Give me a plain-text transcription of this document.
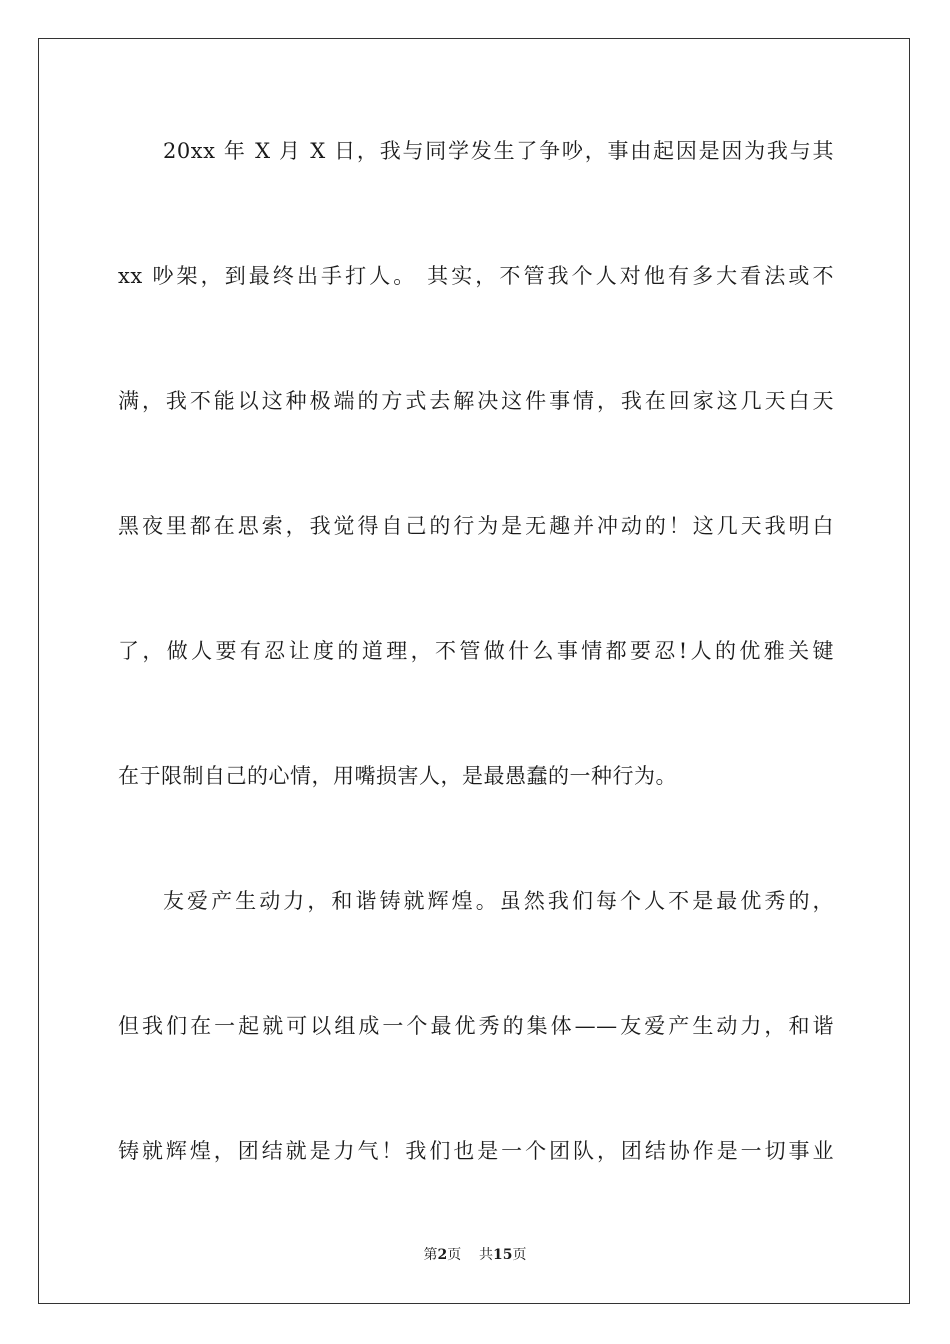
20xx 年 X 月 X 日，我与同学发生了争吵，事由起因是因为我与其
xx 吵架，到最终出手打人。 其实，不管我个人对他有多大看法或不
满，我不能以这种极端的方式去解决这件事情，我在回家这几天白天
黑夜里都在思索，我觉得自己的行为是无趣并冲动的！这几天我明白
了，做人要有忍让度的道理，不管做什么事情都要忍!人的优雅关键
在于限制自己的心情，用嘴损害人，是最愚蠢的一种行为。
友爱产生动力，和谐铸就辉煌。虽然我们每个人不是最优秀的，
但我们在一起就可以组成一个最优秀的集体——友爱产生动力，和谐
铸就辉煌，团结就是力气！我们也是一个团队，团结协作是一切事业
第2页 共15页
